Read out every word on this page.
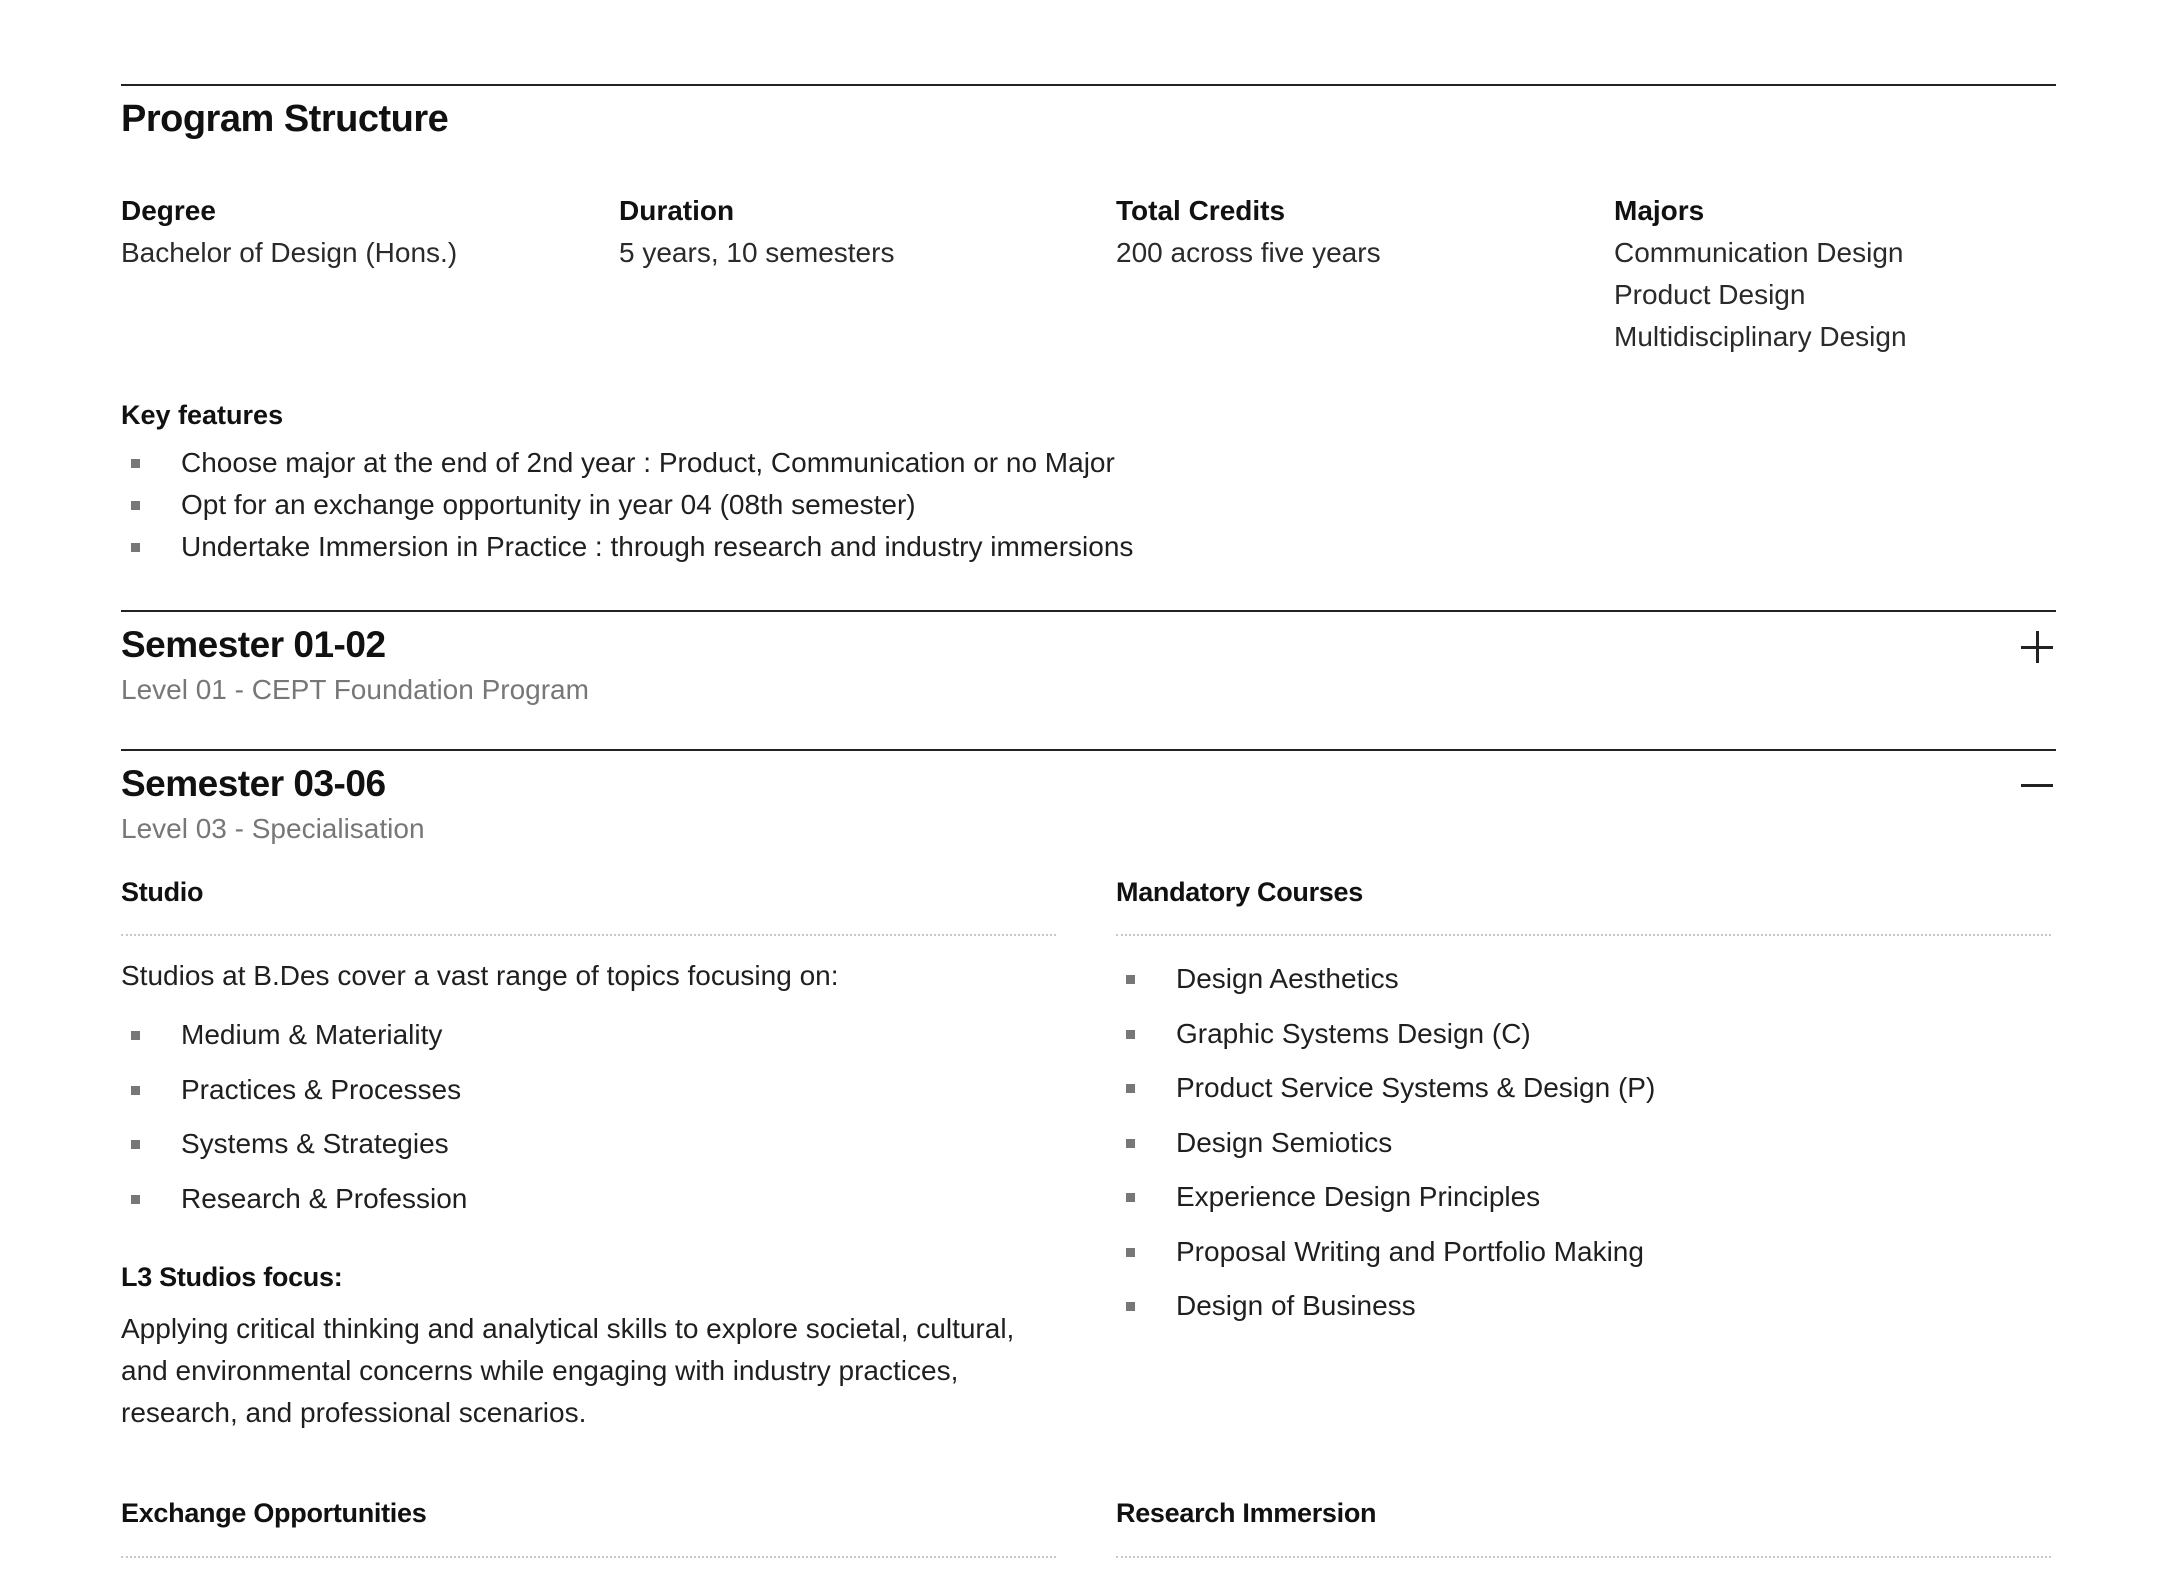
Program Structure
Degree
Bachelor of Design (Hons.)
Duration
5 years, 10 semesters
Total Credits
200 across five years
Majors
Communication Design
Product Design
Multidisciplinary Design
Key features
Choose major at the end of 2nd year : Product, Communication or no Major
Opt for an exchange opportunity in year 04 (08th semester)
Undertake Immersion in Practice : through research and industry immersions
Semester 01-02
Level 01 - CEPT Foundation Program
Semester 03-06
Level 03 - Specialisation
Studio
Studios at B.Des cover a vast range of topics focusing on:
Medium & Materiality
Practices & Processes
Systems & Strategies
Research & Profession
L3 Studios focus:

Applying critical thinking and analytical skills to explore societal, cultural, and environmental concerns while engaging with industry practices, research, and professional scenarios.

Mandatory Courses
Design Aesthetics
Graphic Systems Design (C)
Product Service Systems & Design (P)
Design Semiotics
Experience Design Principles
Proposal Writing and Portfolio Making
Design of Business
Exchange Opportunities	Research Immersion
